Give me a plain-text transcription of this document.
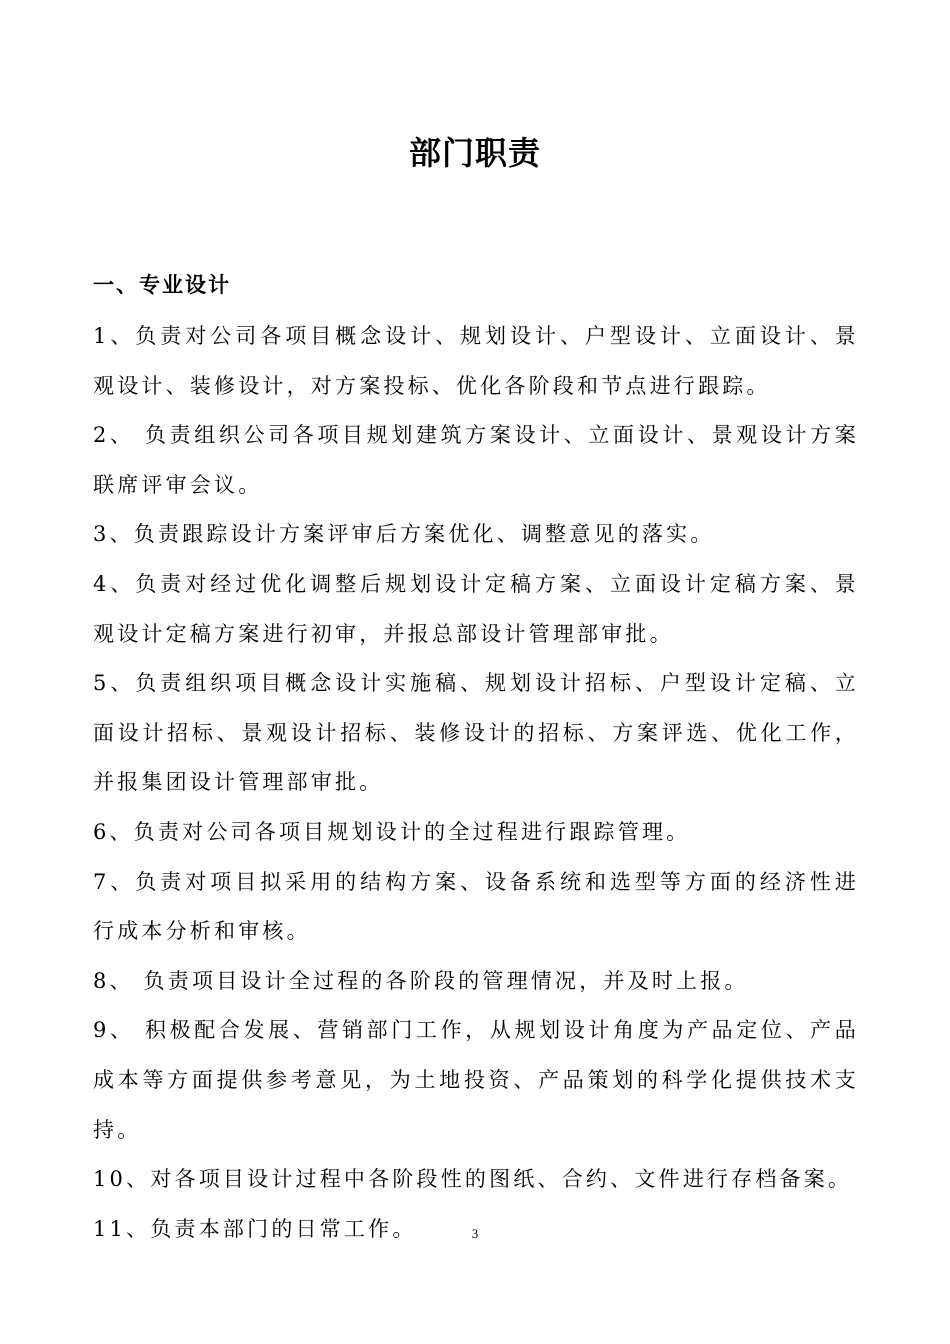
部门职责
一、专业设计
1、负责对公司各项目概念设计、规划设计、户型设计、立面设计、景观设计、装修设计，对方案投标、优化各阶段和节点进行跟踪。
2、 负责组织公司各项目规划建筑方案设计、立面设计、景观设计方案联席评审会议。
3、负责跟踪设计方案评审后方案优化、调整意见的落实。
4、负责对经过优化调整后规划设计定稿方案、立面设计定稿方案、景观设计定稿方案进行初审，并报总部设计管理部审批。
5、负责组织项目概念设计实施稿、规划设计招标、户型设计定稿、立面设计招标、景观设计招标、装修设计的招标、方案评选、优化工作，并报集团设计管理部审批。
6、负责对公司各项目规划设计的全过程进行跟踪管理。
7、负责对项目拟采用的结构方案、设备系统和选型等方面的经济性进行成本分析和审核。
8、 负责项目设计全过程的各阶段的管理情况，并及时上报。
9、 积极配合发展、营销部门工作，从规划设计角度为产品定位、产品成本等方面提供参考意见，为土地投资、产品策划的科学化提供技术支持。
10、对各项目设计过程中各阶段性的图纸、合约、文件进行存档备案。
11、负责本部门的日常工作。	3
